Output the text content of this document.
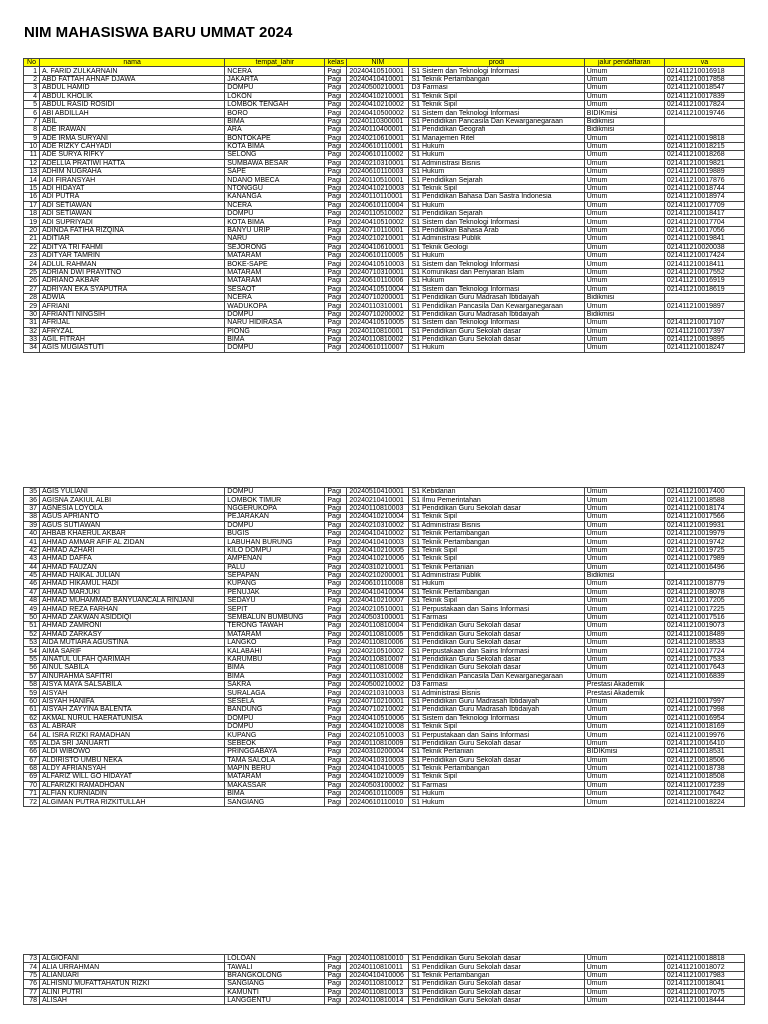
NIM MAHASISWA BARU UMMAT 2024
No	nama	tempat_lahir	kelas	NIM	prodi	jalur pendaftaran	va
1	A. FARID ZULKARNAIN	NCERA	Pagi	20240410510001	S1 Sistem dan Teknologi Informasi	Umum	021411210016918
2	ABD FATTAH AHNAF DJAWA	JAKARTA	Pagi	20240410410001	S1 Teknik Pertambangan	Umum	021411210017858
3	ABDUL HAMID	DOMPU	Pagi	20240500210001	D3 Farmasi	Umum	021411210018547
4	ABDUL KHOLIK	LOKON	Pagi	20240410210001	S1 Teknik Sipil	Umum	021411210017839
5	ABDUL RASID ROSIDI	LOMBOK TENGAH	Pagi	20240410210002	S1 Teknik Sipil	Umum	021411210017824
6	ABI ABDILLAH	BORO	Pagi	20240410500002	S1 Sistem dan Teknologi Informasi	BIDIKmisi	021411210019746
7	ABIL	BIMA	Pagi	20240110300001	S1 Pendidikan Pancasila Dan Kewarganegaraan	Bidikmisi	
8	ADE IRAWAN	ARA	Pagi	20240110400001	S1 Pendidikan Geografi	Bidikmisi	
9	ADE IRMA SURYANI	BONTOKAPE	Pagi	20240210610001	S1 Manajemen Ritel	Umum	021411210019818
10	ADE RIZKY CAHYADI	KOTA BIMA	Pagi	20240610110001	S1 Hukum	Umum	021411210018215
11	ADE SURYA RIFKY	SELONG	Pagi	20240610110002	S1 Hukum	Umum	021411210018268
12	ADELLIA PRATIWI HATTA	SUMBAWA BESAR	Pagi	20240210310001	S1 Administrasi Bisnis	Umum	021411210019821
13	ADHIM NUGRAHA	SAPE	Pagi	20240610110003	S1 Hukum	Umum	021411210019889
14	ADI FIRANSYAH	NDANO MBECA	Pagi	20240110510001	S1 Pendidikan Sejarah	Umum	021411210017876
15	ADI HIDAYAT	NTONGGU	Pagi	20240410210003	S1 Teknik Sipil	Umum	021411210018744
16	ADI PUTRA	KANANGA	Pagi	20240110110001	S1 Pendidikan Bahasa Dan Sastra Indonesia	Umum	021411210018974
17	ADI SETIAWAN	NCERA	Pagi	20240610110004	S1 Hukum	Umum	021411210017709
18	ADI SETIAWAN	DOMPU	Pagi	20240110510002	S1 Pendidikan Sejarah	Umum	021411210018417
19	ADI SUPRIYADI	KOTA BIMA	Pagi	20240410510002	S1 Sistem dan Teknologi Informasi	Umum	021411210017704
20	ADINDA FATIHA RIZQINA	BANYU URIP	Pagi	20240710110001	S1 Pendidikan Bahasa Arab	Umum	021411210017056
21	ADITIAR	NARU	Pagi	20240210210001	S1 Administrasi Publik	Umum	021411210019841
22	ADITYA TRI FAHMI	SEJORONG	Pagi	20240410610001	S1 Teknik Geologi	Umum	021411210020038
23	ADITYAR TAMRIN	MATARAM	Pagi	20240610110005	S1 Hukum	Umum	021411210017424
24	ADLUL RAHMAN	BOKE-SAPE	Pagi	20240410510003	S1 Sistem dan Teknologi Informasi	Umum	021411210018411
25	ADRIAN DWI PRAYITNO	MATARAM	Pagi	20240710310001	S1 Komunikasi dan Penyiaran Islam	Umum	021411210017552
26	ADRIANO AKBAR	MATARAM	Pagi	20240610110006	S1 Hukum	Umum	021411210016919
27	ADRIYAN EKA SYAPUTRA	SESAOT	Pagi	20240410510004	S1 Sistem dan Teknologi Informasi	Umum	021411210018619
28	ADWIA	NCERA	Pagi	20240710200001	S1 Pendidikan Guru Madrasah Ibtidaiyah	Bidikmisi	
29	AFRIANI	WADUKOPA	Pagi	20240110310001	S1 Pendidikan Pancasila Dan Kewarganegaraan	Umum	021411210019897
30	AFRIANTI NINGSIH	DOMPU	Pagi	20240710200002	S1 Pendidikan Guru Madrasah Ibtidaiyah	Bidikmisi	
31	AFRIJAL	NARU HIDIRASA	Pagi	20240410510005	S1 Sistem dan Teknologi Informasi	Umum	021411210017107
32	AFRYZAL	PIONG	Pagi	20240110810001	S1 Pendidikan Guru Sekolah dasar	Umum	021411210017397
33	AGIL FITRAH	BIMA	Pagi	20240110810002	S1 Pendidikan Guru Sekolah dasar	Umum	021411210019895
34	AGIS MUGIASTUTI	DOMPU	Pagi	20240610110007	S1 Hukum	Umum	021411210018247
35	AGIS YULIANI	DOMPU	Pagi	20240510410001	S1 Kebidanan	Umum	021411210017400
36	AGISNA ZAKIUL ALBI	LOMBOK TIMUR	Pagi	20240210410001	S1 Ilmu Pemerintahan	Umum	021411210018588
37	AGNESIA LOYOLA	NGGERUKOPA	Pagi	20240110810003	S1 Pendidikan Guru Sekolah dasar	Umum	021411210018174
38	AGUS APRIANTO	PEJARAKAN	Pagi	20240410210004	S1 Teknik Sipil	Umum	021411210017566
39	AGUS SUTIAWAN	DOMPU	Pagi	20240210310002	S1 Administrasi Bisnis	Umum	021411210019931
40	AHBAB KHAERUL AKBAR	BUGIS	Pagi	20240410410002	S1 Teknik Pertambangan	Umum	021411210019979
41	AHMAD AMMAR AFIF AL ZIDAN	LABUHAN BURUNG	Pagi	20240410410003	S1 Teknik Pertambangan	Umum	021411210019742
42	AHMAD AZHARI	KILO DOMPU	Pagi	20240410210005	S1 Teknik Sipil	Umum	021411210019725
43	AHMAD DAFFA	AMPENAN	Pagi	20240410210006	S1 Teknik Sipil	Umum	021411210017989
44	AHMAD FAUZAN	PALU	Pagi	20240310210001	S1 Teknik Pertanian	Umum	021411210016496
45	AHMAD HAIKAL JULIAN	SEPAPAN	Pagi	20240210200001	S1 Administrasi Publik	Bidikmisi	
46	AHMAD HIKAMUL HADI	KUPANG	Pagi	20240610110008	S1 Hukum	Umum	021411210018779
47	AHMAD MARJUKI	PENUJAK	Pagi	20240410410004	S1 Teknik Pertambangan	Umum	021411210018078
48	AHMAD MUHAMMAD BANYUANCALA RINJANI	SEDAYU	Pagi	20240410210007	S1 Teknik Sipil	Umum	021411210017205
49	AHMAD REZA FARHAN	SEPIT	Pagi	20240210510001	S1 Perpustakaan dan Sains Informasi	Umum	021411210017225
50	AHMAD ZAKWAN ASIDDIQI	SEMBALUN BUMBUNG	Pagi	20240503100001	S1 Farmasi	Umum	021411210017516
51	AHMAD ZAMRONI	TERONG TAWAH	Pagi	20240110810004	S1 Pendidikan Guru Sekolah dasar	Umum	021411210019073
52	AHMAD ZARKASY	MATARAM	Pagi	20240110810005	S1 Pendidikan Guru Sekolah dasar	Umum	021411210018489
53	AIDA MUTIARA AGUSTINA	LANGKO	Pagi	20240110810006	S1 Pendidikan Guru Sekolah dasar	Umum	021411210018533
54	AIMA SARIF	KALABAHI	Pagi	20240210510002	S1 Perpustakaan dan Sains Informasi	Umum	021411210017724
55	AINATUL ULFAH QARIMAH	KARUMBU	Pagi	20240110810007	S1 Pendidikan Guru Sekolah dasar	Umum	021411210017533
56	AINUL SABILA	BIMA	Pagi	20240110810008	S1 Pendidikan Guru Sekolah dasar	Umum	021411210017643
57	AINURAHMA SAFITRI	BIMA	Pagi	20240110310002	S1 Pendidikan Pancasila Dan Kewarganegaraan	Umum	021411210016839
58	AISYA MAYA SALSABILA	SAKRA	Pagi	20240500210002	D3 Farmasi	Prestasi Akademik	
59	AISYAH	SURALAGA	Pagi	20240210310003	S1 Administrasi Bisnis	Prestasi Akademik	
60	AISYAH HANIFA	SESELA	Pagi	20240710210001	S1 Pendidikan Guru Madrasah Ibtidaiyah	Umum	021411210017997
61	AISYAH ZAYYINA BALENTA	BANDUNG	Pagi	20240710210002	S1 Pendidikan Guru Madrasah Ibtidaiyah	Umum	021411210017998
62	AKMAL NURUL HAERATUNISA	DOMPU	Pagi	20240410510006	S1 Sistem dan Teknologi Informasi	Umum	021411210016954
63	AL ABRAR	DOMPU	Pagi	20240410210008	S1 Teknik Sipil	Umum	021411210018169
64	AL ISRA RIZKI RAMADHAN	KUPANG	Pagi	20240210510003	S1 Perpustakaan dan Sains Informasi	Umum	021411210019976
65	ALDA SRI JANUARTI	SEBEOK	Pagi	20240110810009	S1 Pendidikan Guru Sekolah dasar	Umum	021411210016410
66	ALDI WIBOWO	PRINGGABAYA	Pagi	20240310200004	S1 Teknik Pertanian	BIDIKmisi	021411210018531
67	ALDIRISTO UMBU NEKA	TAMA SALOLA	Pagi	20240410310003	S1 Pendidikan Guru Sekolah dasar	Umum	021411210018506
68	ALDY AFRIANSYAH	MAPIN BERU	Pagi	20240410410005	S1 Teknik Pertambangan	Umum	021411210018738
69	ALFARIZ WILL GO HIDAYAT	MATARAM	Pagi	20240410210009	S1 Teknik Sipil	Umum	021411210018508
70	ALFARIZKI RAMADHOAN	MAKASSAR	Pagi	20240503100002	S1 Farmasi	Umum	021411210017239
71	ALFIAN KURNIADIN	BIMA	Pagi	20240610110009	S1 Hukum	Umum	021411210017642
72	ALGIMAN PUTRA RIZKITULLAH	SANGIANG	Pagi	20240610110010	S1 Hukum	Umum	021411210018224
73	ALGIOFANI	LOLOAN	Pagi	20240110810010	S1 Pendidikan Guru Sekolah dasar	Umum	021411210018818
74	ALIA URRAHMAN	TAWALI	Pagi	20240110810011	S1 Pendidikan Guru Sekolah dasar	Umum	021411210018072
75	ALIANUARI	BRANGKOLONG	Pagi	20240410410006	S1 Teknik Pertambangan	Umum	021411210017983
76	ALHISNU MUFATTAHATUN RIZKI	SANGIANG	Pagi	20240110810012	S1 Pendidikan Guru Sekolah dasar	Umum	021411210018041
77	ALINI PUTRI	KAMUNTI	Pagi	20240110810013	S1 Pendidikan Guru Sekolah dasar	Umum	021411210017075
78	ALISAH	LANGGENTU	Pagi	20240110810014	S1 Pendidikan Guru Sekolah dasar	Umum	021411210018444
